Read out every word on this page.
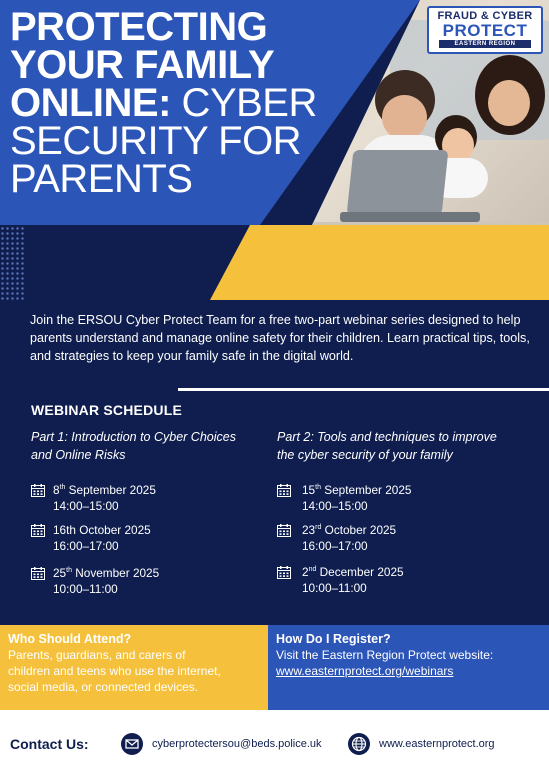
PROTECTING
YOUR FAMILY
ONLINE: CYBER
SECURITY FOR
PARENTS
FRAUD & CYBER
PROTECT
EASTERN REGION

Join the ERSOU Cyber Protect Team for a free two-part webinar series designed to help parents understand and manage online safety for their children. Learn practical tips, tools, and strategies to keep your family safe in the digital world.

WEBINAR SCHEDULE
Part 1: Introduction to Cyber Choices
and Online Risks
Part 2: Tools and techniques to improve
the cyber security of your family
8th September 2025
14:00–15:00
16th October 2025
16:00–17:00
25th November 2025
10:00–11:00
15th September 2025
14:00–15:00
23rd October 2025
16:00–17:00
2nd December 2025
10:00–11:00
Who Should Attend?
Parents, guardians, and carers of
children and teens who use the internet,
social media, or connected devices.
How Do I Register?
Visit the Eastern Region Protect website:
www.easternprotect.org/webinars
Contact Us:	cyberprotectersou@beds.police.uk	www.easternprotect.org
